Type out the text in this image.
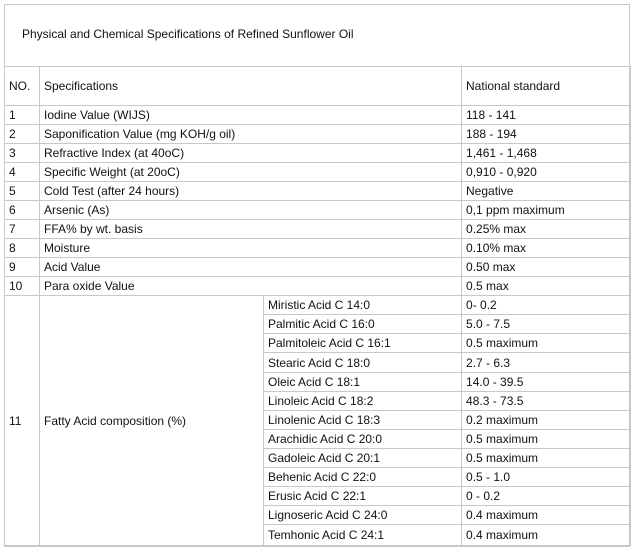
Physical and Chemical Specifications of Refined Sunflower Oil
NO.	Specifications		National standard
1	Iodine Value (WIJS)		118 - 141
2	Saponification Value (mg KOH/g oil)		188 - 194
3	Refractive Index (at 40oC)		1,461 - 1,468
4	Specific Weight (at 20oC)		0,910 - 0,920
5	Cold Test (after 24 hours)		Negative
6	Arsenic (As)		0,1 ppm maximum
7	FFA% by wt. basis		0.25% max
8	Moisture		0.10% max
9	Acid Value		0.50 max
10	Para oxide Value		0.5 max
11	Fatty Acid composition (%)	Miristic Acid C 14:0	0- 0.2
		Palmitic Acid C 16:0	5.0 - 7.5
		Palmitoleic Acid C 16:1	0.5 maximum
		Stearic Acid C 18:0	2.7 - 6.3
		Oleic Acid C 18:1	14.0 - 39.5
		Linoleic Acid C 18:2	48.3 - 73.5
		Linolenic Acid C 18:3	0.2 maximum
		Arachidic Acid C 20:0	0.5 maximum
		Gadoleic Acid C 20:1	0.5 maximum
		Behenic Acid C 22:0	0.5 - 1.0
		Erusic Acid C 22:1	0 - 0.2
		Lignoseric Acid C 24:0	0.4 maximum
		Temhonic Acid C 24:1	0.4 maximum
